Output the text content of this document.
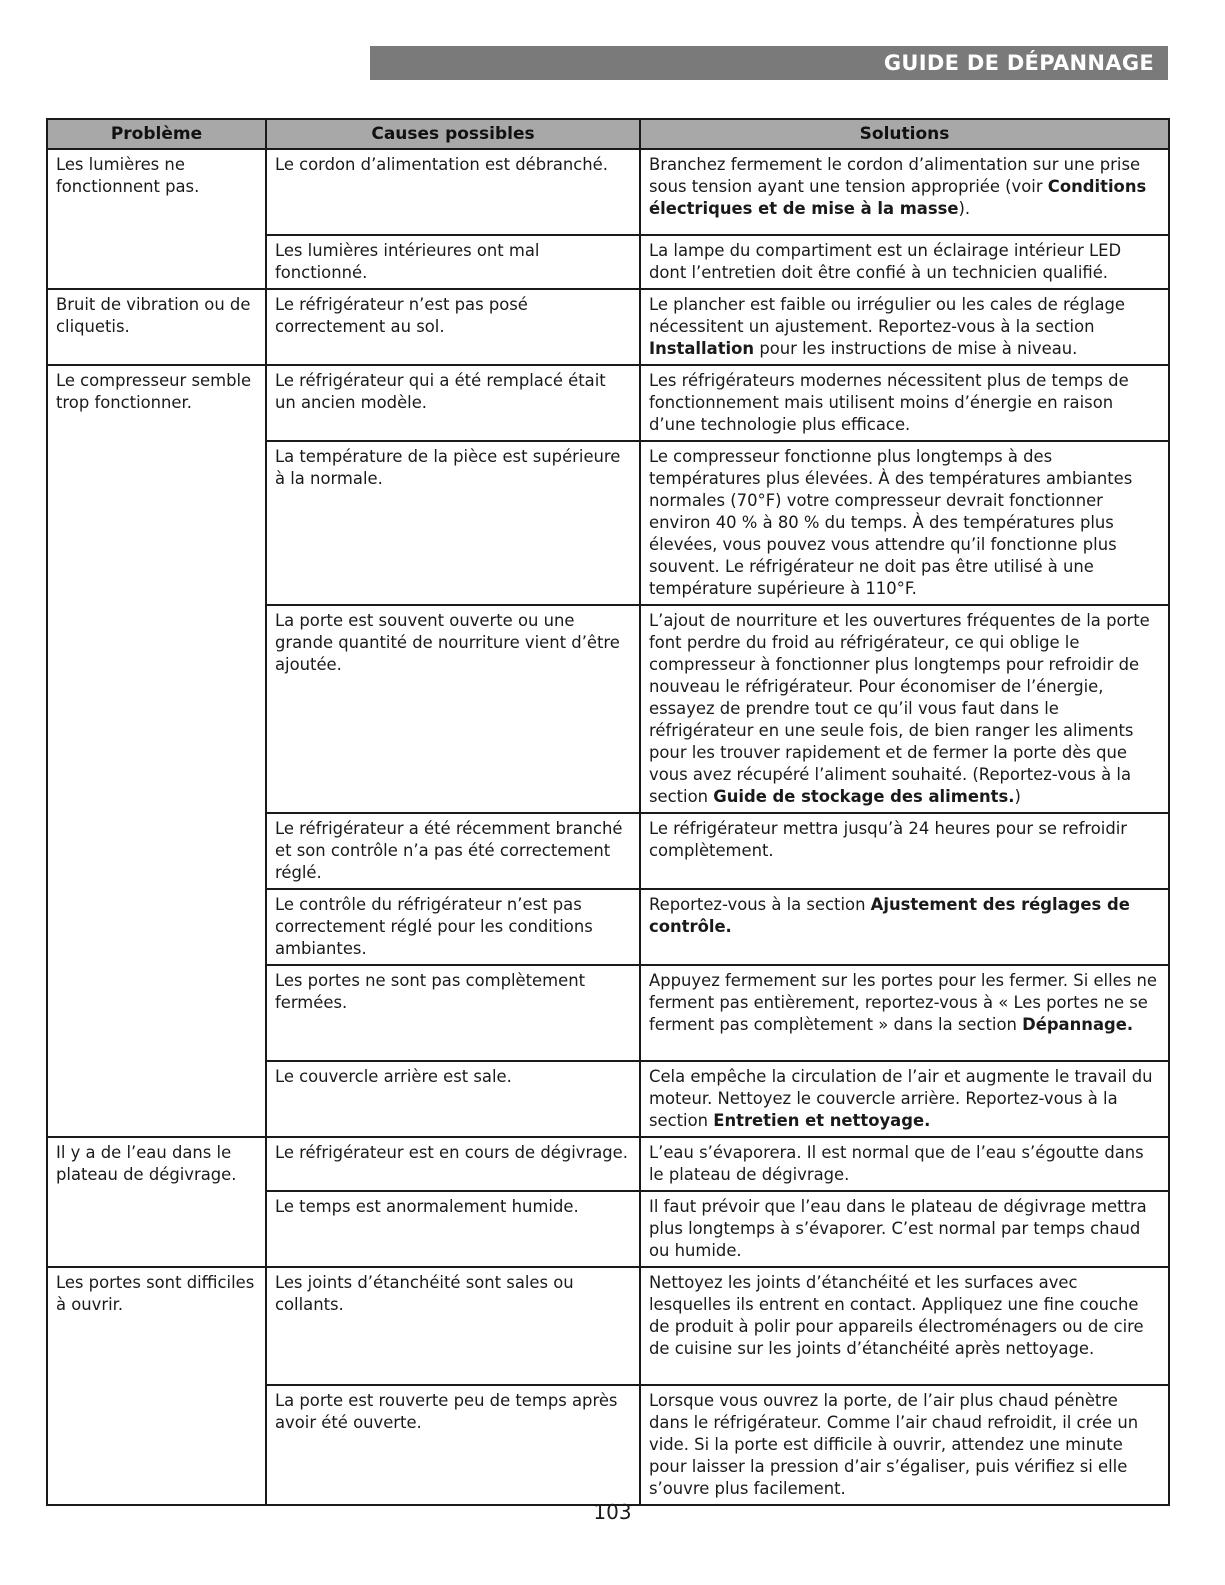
GUIDE DE DÉPANNAGE
Problème	Causes possibles	Solutions
Les lumières ne fonctionnent pas.	Le cordon d’alimentation est débranché.	Branchez fermement le cordon d’alimentation sur une prise sous tension ayant une tension appropriée (voir Conditions électriques et de mise à la masse).
	Les lumières intérieures ont mal fonctionné.	La lampe du compartiment est un éclairage intérieur LED dont l’entretien doit être confié à un technicien qualifié.
Bruit de vibration ou de cliquetis.	Le réfrigérateur n’est pas posé correctement au sol.	Le plancher est faible ou irrégulier ou les cales de réglage nécessitent un ajustement. Reportez-vous à la section Installation pour les instructions de mise à niveau.
Le compresseur semble trop fonctionner.	Le réfrigérateur qui a été remplacé était un ancien modèle.	Les réfrigérateurs modernes nécessitent plus de temps de fonctionnement mais utilisent moins d’énergie en raison d’une technologie plus efficace.
	La température de la pièce est supérieure à la normale.	Le compresseur fonctionne plus longtemps à des températures plus élevées. À des températures ambiantes normales (70°F) votre compresseur devrait fonctionner environ 40 % à 80 % du temps. À des températures plus élevées, vous pouvez vous attendre qu’il fonctionne plus souvent. Le réfrigérateur ne doit pas être utilisé à une température supérieure à 110°F.
	La porte est souvent ouverte ou une grande quantité de nourriture vient d’être ajoutée.	L’ajout de nourriture et les ouvertures fréquentes de la porte font perdre du froid au réfrigérateur, ce qui oblige le compresseur à fonctionner plus longtemps pour refroidir de nouveau le réfrigérateur. Pour économiser de l’énergie, essayez de prendre tout ce qu’il vous faut dans le réfrigérateur en une seule fois, de bien ranger les aliments pour les trouver rapidement et de fermer la porte dès que vous avez récupéré l’aliment souhaité. (Reportez-vous à la section Guide de stockage des aliments.)
	Le réfrigérateur a été récemment branché et son contrôle n’a pas été correctement réglé.	Le réfrigérateur mettra jusqu’à 24 heures pour se refroidir complètement.
	Le contrôle du réfrigérateur n’est pas correctement réglé pour les conditions ambiantes.	Reportez-vous à la section Ajustement des réglages de contrôle.
	Les portes ne sont pas complètement fermées.	Appuyez fermement sur les portes pour les fermer. Si elles ne ferment pas entièrement, reportez-vous à « Les portes ne se ferment pas complètement » dans la section Dépannage.
	Le couvercle arrière est sale.	Cela empêche la circulation de l’air et augmente le travail du moteur. Nettoyez le couvercle arrière. Reportez-vous à la section Entretien et nettoyage.
Il y a de l’eau dans le plateau de dégivrage.	Le réfrigérateur est en cours de dégivrage.	L’eau s’évaporera. Il est normal que de l’eau s’égoutte dans le plateau de dégivrage.
	Le temps est anormalement humide.	Il faut prévoir que l’eau dans le plateau de dégivrage mettra plus longtemps à s’évaporer. C’est normal par temps chaud ou humide.
Les portes sont difficiles à ouvrir.	Les joints d’étanchéité sont sales ou collants.	Nettoyez les joints d’étanchéité et les surfaces avec lesquelles ils entrent en contact. Appliquez une fine couche de produit à polir pour appareils électroménagers ou de cire de cuisine sur les joints d’étanchéité après nettoyage.
	La porte est rouverte peu de temps après avoir été ouverte.	Lorsque vous ouvrez la porte, de l’air plus chaud pénètre dans le réfrigérateur. Comme l’air chaud refroidit, il crée un vide. Si la porte est difficile à ouvrir, attendez une minute pour laisser la pression d’air s’égaliser, puis vérifiez si elle s’ouvre plus facilement.
103
